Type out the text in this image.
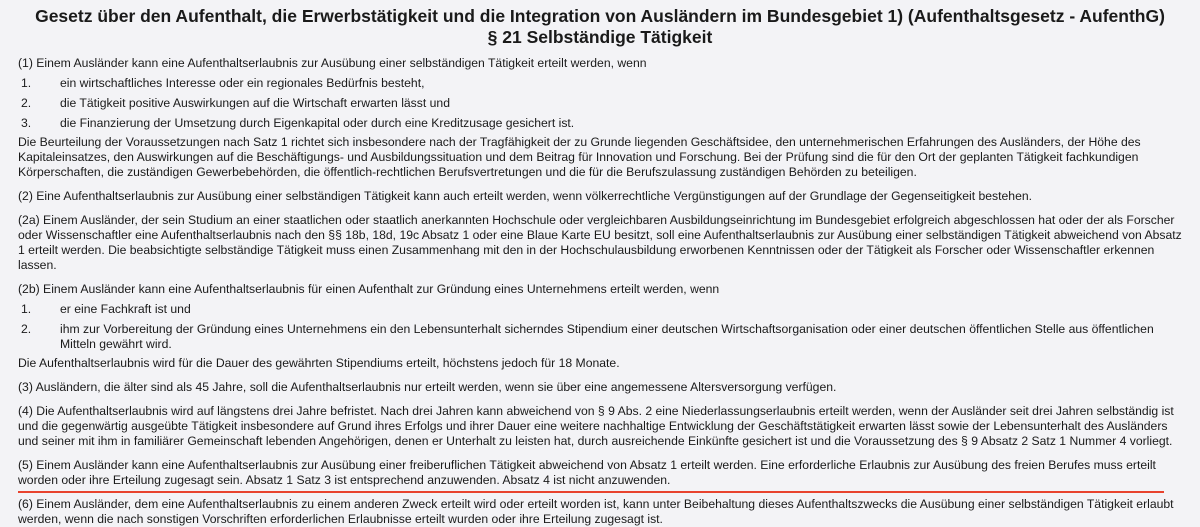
Gesetz über den Aufenthalt, die Erwerbstätigkeit und die Integration von Ausländern im Bundesgebiet 1) (Aufenthaltsgesetz - AufenthG)
§ 21 Selbständige Tätigkeit

(1) Einem Ausländer kann eine Aufenthaltserlaubnis zur Ausübung einer selbständigen Tätigkeit erteilt werden, wenn

1.	ein wirtschaftliches Interesse oder ein regionales Bedürfnis besteht,
2.	die Tätigkeit positive Auswirkungen auf die Wirtschaft erwarten lässt und
3.	die Finanzierung der Umsetzung durch Eigenkapital oder durch eine Kreditzusage gesichert ist.

Die Beurteilung der Voraussetzungen nach Satz 1 richtet sich insbesondere nach der Tragfähigkeit der zu Grunde liegenden Geschäftsidee, den unternehmerischen Erfahrungen des Ausländers, der Höhe des Kapitaleinsatzes, den Auswirkungen auf die Beschäftigungs- und Ausbildungssituation und dem Beitrag für Innovation und Forschung. Bei der Prüfung sind die für den Ort der geplanten Tätigkeit fachkundigen Körperschaften, die zuständigen Gewerbebehörden, die öffentlich-rechtlichen Berufsvertretungen und die für die Berufszulassung zuständigen Behörden zu beteiligen.

(2) Eine Aufenthaltserlaubnis zur Ausübung einer selbständigen Tätigkeit kann auch erteilt werden, wenn völkerrechtliche Vergünstigungen auf der Grundlage der Gegenseitigkeit bestehen.

(2a) Einem Ausländer, der sein Studium an einer staatlichen oder staatlich anerkannten Hochschule oder vergleichbaren Ausbildungseinrichtung im Bundesgebiet erfolgreich abgeschlossen hat oder der als Forscher oder Wissenschaftler eine Aufenthaltserlaubnis nach den §§ 18b, 18d, 19c Absatz 1 oder eine Blaue Karte EU besitzt, soll eine Aufenthaltserlaubnis zur Ausübung einer selbständigen Tätigkeit abweichend von Absatz 1 erteilt werden. Die beabsichtigte selbständige Tätigkeit muss einen Zusammenhang mit den in der Hochschulausbildung erworbenen Kenntnissen oder der Tätigkeit als Forscher oder Wissenschaftler erkennen lassen.

(2b) Einem Ausländer kann eine Aufenthaltserlaubnis für einen Aufenthalt zur Gründung eines Unternehmens erteilt werden, wenn

1.	er eine Fachkraft ist und
2.	ihm zur Vorbereitung der Gründung eines Unternehmens ein den Lebensunterhalt sicherndes Stipendium einer deutschen Wirtschaftsorganisation oder einer deutschen öffentlichen Stelle aus öffentlichen Mitteln gewährt wird.

Die Aufenthaltserlaubnis wird für die Dauer des gewährten Stipendiums erteilt, höchstens jedoch für 18 Monate.

(3) Ausländern, die älter sind als 45 Jahre, soll die Aufenthaltserlaubnis nur erteilt werden, wenn sie über eine angemessene Altersversorgung verfügen.

(4) Die Aufenthaltserlaubnis wird auf längstens drei Jahre befristet. Nach drei Jahren kann abweichend von § 9 Abs. 2 eine Niederlassungserlaubnis erteilt werden, wenn der Ausländer seit drei Jahren selbständig ist und die gegenwärtig ausgeübte Tätigkeit insbesondere auf Grund ihres Erfolgs und ihrer Dauer eine weitere nachhaltige Entwicklung der Geschäftstätigkeit erwarten lässt sowie der Lebensunterhalt des Ausländers und seiner mit ihm in familiärer Gemeinschaft lebenden Angehörigen, denen er Unterhalt zu leisten hat, durch ausreichende Einkünfte gesichert ist und die Voraussetzung des § 9 Absatz 2 Satz 1 Nummer 4 vorliegt.

(5) Einem Ausländer kann eine Aufenthaltserlaubnis zur Ausübung einer freiberuflichen Tätigkeit abweichend von Absatz 1 erteilt werden. Eine erforderliche Erlaubnis zur Ausübung des freien Berufes muss erteilt worden oder ihre Erteilung zugesagt sein. Absatz 1 Satz 3 ist entsprechend anzuwenden. Absatz 4 ist nicht anzuwenden.

(6) Einem Ausländer, dem eine Aufenthaltserlaubnis zu einem anderen Zweck erteilt wird oder erteilt worden ist, kann unter Beibehaltung dieses Aufenthaltszwecks die Ausübung einer selbständigen Tätigkeit erlaubt werden, wenn die nach sonstigen Vorschriften erforderlichen Erlaubnisse erteilt wurden oder ihre Erteilung zugesagt ist.
